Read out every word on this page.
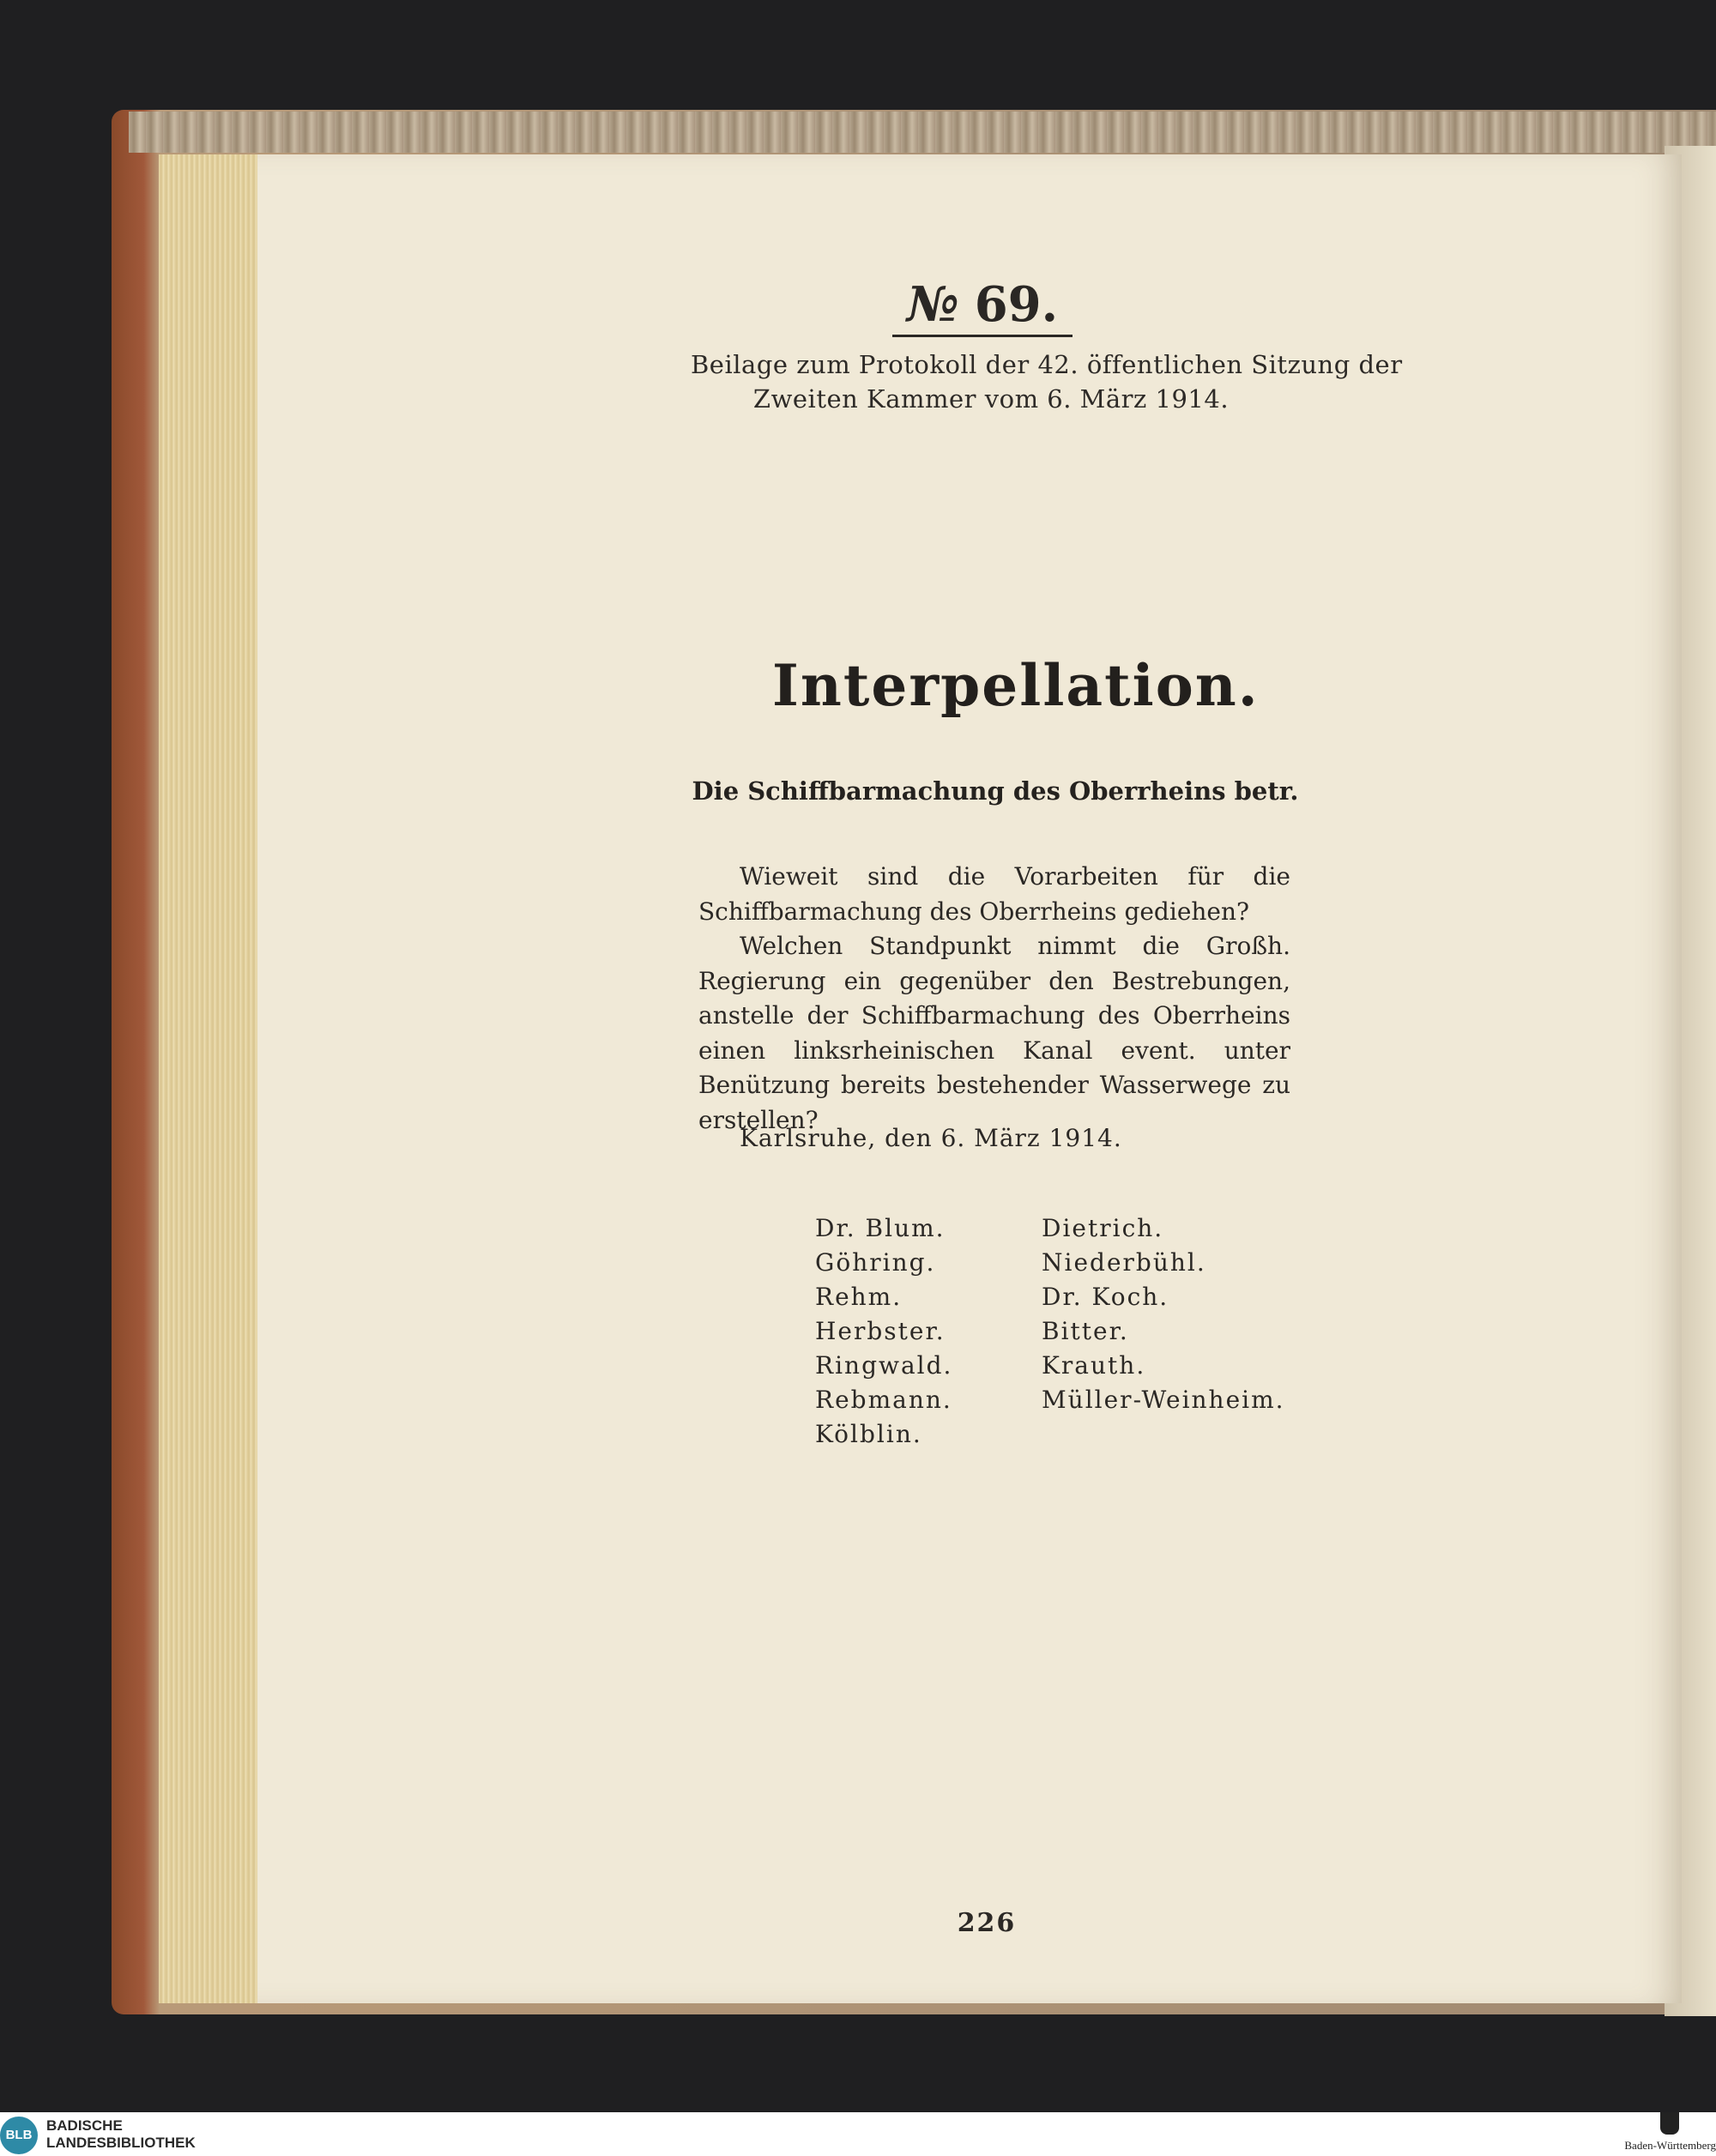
№ 69.
Beilage zum Protokoll der 42. öffentlichen Sitzung der
Zweiten Kammer vom 6. März 1914.
Interpellation.
Die Schiffbarmachung des Oberrheins betr.

Wieweit sind die Vorarbeiten für die Schiffbarmachung des Oberrheins gediehen?

Welchen Standpunkt nimmt die Großh. Regierung ein gegenüber den Bestrebungen, anstelle der Schiffbarmachung des Oberrheins einen linksrheinischen Kanal event. unter Benützung bereits bestehender Wasserwege zu erstellen?

Karlsruhe, den 6. März 1914.
Dr. Blum.
Göhring.
Rehm.
Herbster.
Ringwald.
Rebmann.
Kölblin.
Dietrich.
Niederbühl.
Dr. Koch.
Bitter.
Krauth.
Müller-Weinheim.
226
BLB
BADISCHE
LANDESBIBLIOTHEK	Baden-Württemberg
